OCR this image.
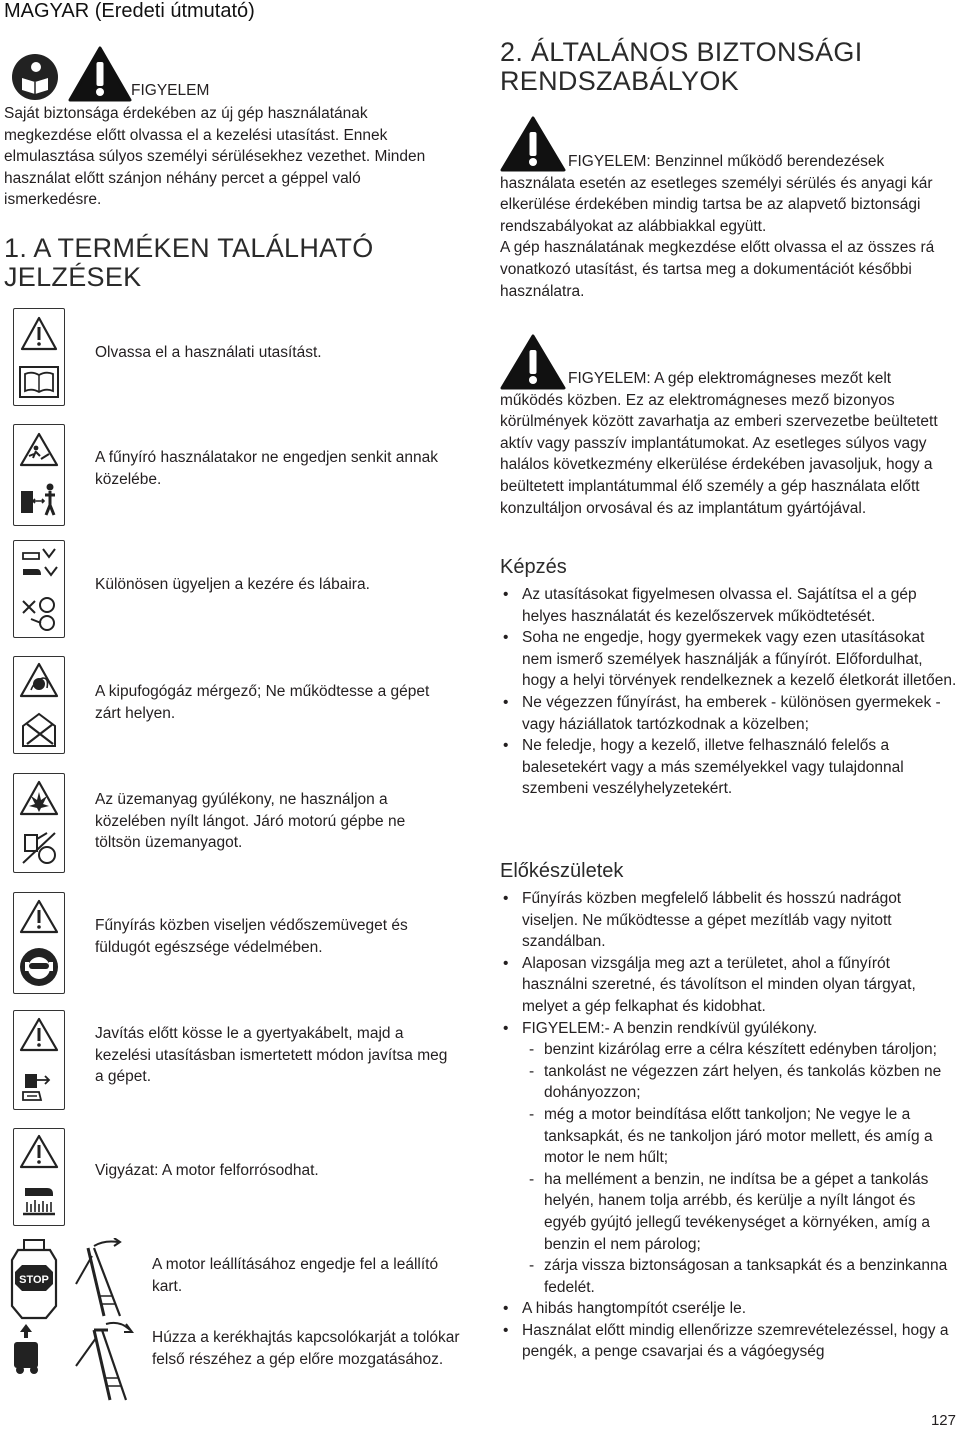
MAGYAR (Eredeti útmutató)
FIGYELEM
Saját biztonsága érdekében az új gép használatának megkezdése előtt olvassa el a kezelési utasítást. Ennek elmulasztása súlyos személyi sérülésekhez vezethet. Minden használat előtt szánjon néhány percet a géppel való ismerkedésre.
1. A TERMÉKEN TALÁLHATÓ JELZÉSEK
Olvassa el a használati utasítást.
A fűnyíró használatakor ne engedjen senkit annak közelébe.
Különösen ügyeljen a kezére és lábaira.
A kipufogógáz mérgező; Ne működtesse a gépet zárt helyen.
Az üzemanyag gyúlékony, ne használjon a közelében nyílt lángot. Járó motorú gépbe ne töltsön üzemanyagot.
Fűnyírás közben viseljen védőszemüveget és füldugót egészsége védelmében.
Javítás előtt kösse le a gyertyakábelt, majd a kezelési utasításban ismertetett módon javítsa meg a gépet.
Vigyázat: A motor felforrósodhat.
STOP
A motor leállításához engedje fel a leállító kart.
Húzza a kerékhajtás kapcsolókarját a tolókar felső részéhez a gép előre mozgatásához.
2. ÁLTALÁNOS BIZTONSÁGI RENDSZABÁLYOK
FIGYELEM: Benzinnel működő berendezések használata esetén az esetleges személyi sérülés és anyagi kár elkerülése érdekében mindig tartsa be az alapvető biztonsági rendszabályokat az alábbiakkal együtt.
A gép használatának megkezdése előtt olvassa el az összes rá vonatkozó utasítást, és tartsa meg a dokumentációt későbbi használatra.
FIGYELEM: A gép elektromágneses mezőt kelt működés közben. Ez az elektromágneses mező bizonyos körülmények között zavarhatja az emberi szervezetbe beültetett aktív vagy passzív implantátumokat. Az esetleges súlyos vagy halálos következmény elkerülése érdekében javasoljuk, hogy a beültetett implantátummal élő személy a gép használata előtt konzultáljon orvosával és az implantátum gyártójával.
Képzés
• Az utasításokat figyelmesen olvassa el. Sajátítsa el a gép helyes használatát és kezelőszervek működtetését.
• Soha ne engedje, hogy gyermekek vagy ezen utasításokat nem ismerő személyek használják a fűnyírót. Előfordulhat, hogy a helyi törvények rendelkeznek a kezelő életkorát illetően.
• Ne végezzen fűnyírást, ha emberek - különösen gyermekek - vagy háziállatok tartózkodnak a közelben;
• Ne feledje, hogy a kezelő, illetve felhasználó felelős a balesetekért vagy a más személyekkel vagy tulajdonnal szembeni veszélyhelyzetekért.
Előkészületek
• Fűnyírás közben megfelelő lábbelit és hosszú nadrágot viseljen. Ne működtesse a gépet mezítláb vagy nyitott szandálban.
• Alaposan vizsgálja meg azt a területet, ahol a fűnyírót használni szeretné, és távolítson el minden olyan tárgyat, melyet a gép felkaphat és kidobhat.
• FIGYELEM:- A benzin rendkívül gyúlékony.
- benzint kizárólag erre a célra készített edényben tároljon;
- tankolást ne végezzen zárt helyen, és tankolás közben ne dohányozzon;
- még a motor beindítása előtt tankoljon; Ne vegye le a tanksapkát, és ne tankoljon járó motor mellett, és amíg a motor le nem hűlt;
- ha mellément a benzin, ne indítsa be a gépet a tankolás helyén, hanem tolja arrébb, és kerülje a nyílt lángot és egyéb gyújtó jellegű tevékenységet a környéken, amíg a benzin el nem párolog;
- zárja vissza biztonságosan a tanksapkát és a benzinkanna fedelét.
• A hibás hangtompítót cserélje le.
• Használat előtt mindig ellenőrizze szemrevételezéssel, hogy a pengék, a penge csavarjai és a vágóegység
127
